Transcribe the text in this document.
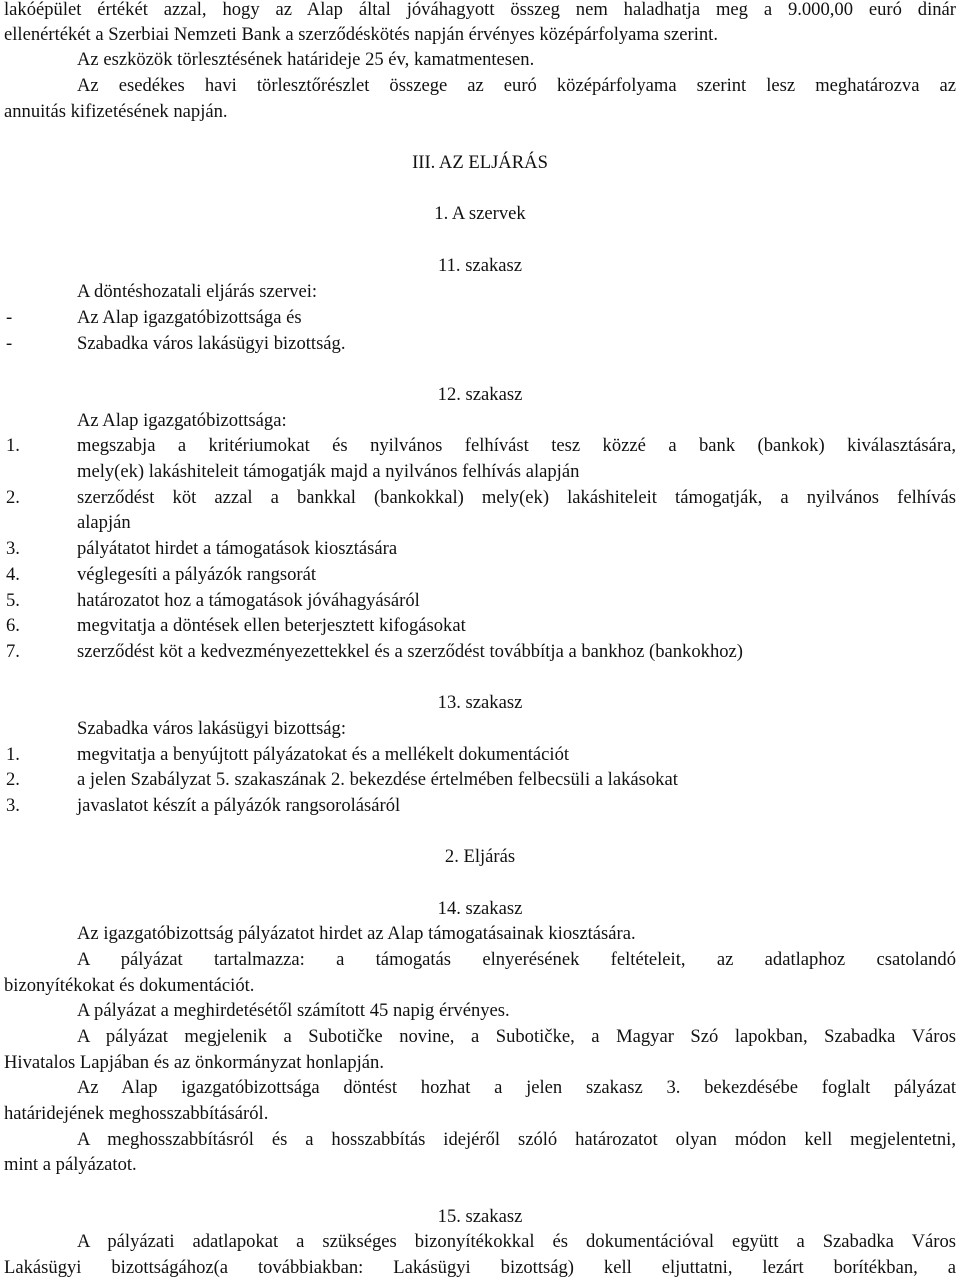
lakóépület értékét azzal, hogy az Alap által jóváhagyott összeg nem haladhatja meg a 9.000,00 euró dinár
ellenértékét a Szerbiai Nemzeti Bank a szerződéskötés napján érvényes középárfolyama szerint.
Az eszközök törlesztésének határideje 25 év, kamatmentesen.
Az esedékes havi törlesztőrészlet összege az euró középárfolyama szerint lesz meghatározva az
annuitás kifizetésének napján.
III. AZ ELJÁRÁS
1. A szervek
11. szakasz
A döntéshozatali eljárás szervei:
-	Az Alap igazgatóbizottsága és
-	Szabadka város lakásügyi bizottság.
12. szakasz
Az Alap igazgatóbizottsága:
1.	megszabja a kritériumokat és nyilvános felhívást tesz közzé a bank (bankok) kiválasztására,
mely(ek) lakáshiteleit támogatják majd a nyilvános felhívás alapján
2.	szerződést köt azzal a bankkal (bankokkal) mely(ek) lakáshiteleit támogatják, a nyilvános felhívás
alapján
3.	pályátatot hirdet a támogatások kiosztására
4.	véglegesíti a pályázók rangsorát
5.	határozatot hoz a támogatások jóváhagyásáról
6.	megvitatja a döntések ellen beterjesztett kifogásokat
7.	szerződést köt a kedvezményezettekkel és a szerződést továbbítja a bankhoz (bankokhoz)
13. szakasz
Szabadka város lakásügyi bizottság:
1.	megvitatja a benyújtott pályázatokat és a mellékelt dokumentációt
2.	a jelen Szabályzat 5. szakaszának 2. bekezdése értelmében felbecsüli a lakásokat
3.	javaslatot készít a pályázók rangsorolásáról
2. Eljárás
14. szakasz
Az igazgatóbizottság pályázatot hirdet az Alap támogatásainak kiosztására.
A pályázat tartalmazza: a támogatás elnyerésének feltételeit, az adatlaphoz csatolandó
bizonyítékokat és dokumentációt.
A pályázat a meghirdetésétől számított 45 napig érvényes.
A pályázat megjelenik a Subotičke novine, a Subotičke, a Magyar Szó lapokban, Szabadka Város
Hivatalos Lapjában és az önkormányzat honlapján.
Az Alap igazgatóbizottsága döntést hozhat a jelen szakasz 3. bekezdésébe foglalt pályázat
határidejének meghosszabbításáról.
A meghosszabbításról és a hosszabbítás idejéről szóló határozatot olyan módon kell megjelentetni,
mint a pályázatot.
15. szakasz
A pályázati adatlapokat a szükséges bizonyítékokkal és dokumentációval együtt a Szabadka Város
Lakásügyi bizottságához(a továbbiakban: Lakásügyi bizottság) kell eljuttatni, lezárt borítékban, a
